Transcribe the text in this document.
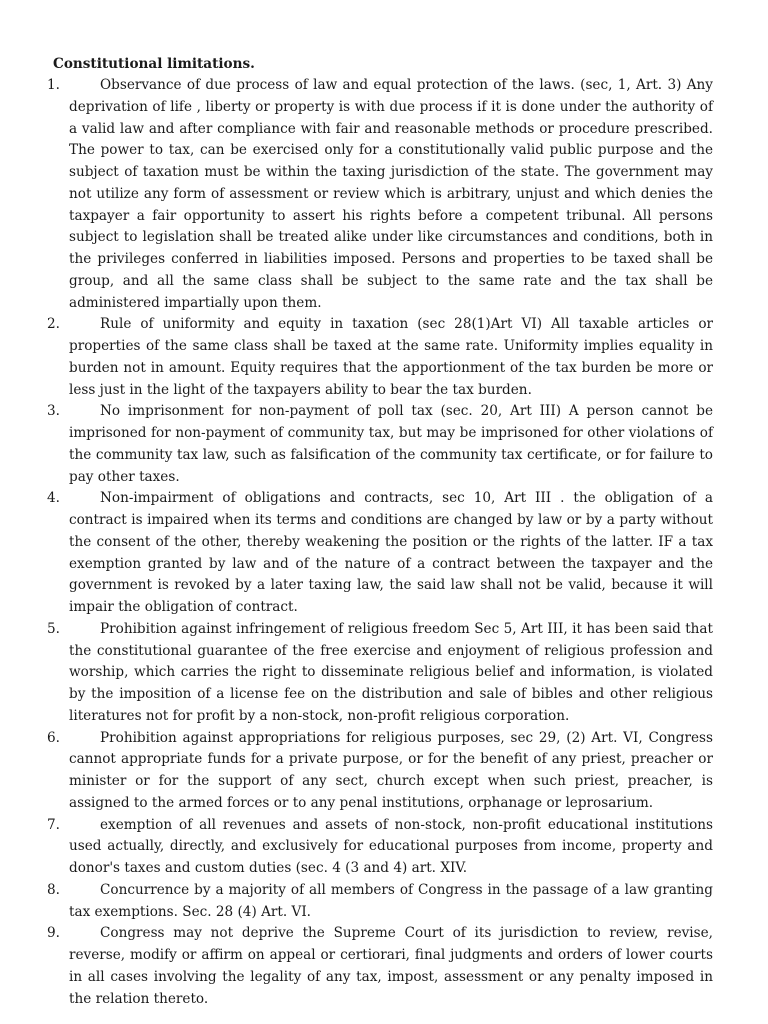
Constitutional limitations.

1.	Observance of due process of law and equal protection of the laws. (sec, 1, Art. 3) Any deprivation of life , liberty or property is with due process if it is done under the authority of a valid law and after compliance with fair and reasonable methods or procedure prescribed. The power to tax, can be exercised only for a constitutionally valid public purpose and the subject of taxation must be within the taxing jurisdiction of the state. The government may not utilize any form of assessment or review which is arbitrary, unjust and which denies the taxpayer a fair opportunity to assert his rights before a competent tribunal. All persons subject to legislation shall be treated alike under like circumstances and conditions, both in the privileges conferred in liabilities imposed. Persons and properties to be taxed shall be group, and all the same class shall be subject to the same rate and the tax shall be administered impartially upon them.

2.	Rule of uniformity and equity in taxation (sec 28(1)Art VI) All taxable articles or properties of the same class shall be taxed at the same rate. Uniformity implies equality in burden not in amount. Equity requires that the apportionment of the tax burden be more or less just in the light of the taxpayers ability to bear the tax burden.

3.	No imprisonment for non-payment of poll tax (sec. 20, Art III) A person cannot be imprisoned for non-payment of community tax, but may be imprisoned for other violations of the community tax law, such as falsification of the community tax certificate, or for failure to pay other taxes.

4.	Non-impairment of obligations and contracts, sec 10, Art III . the obligation of a contract is impaired when its terms and conditions are changed by law or by a party without the consent of the other, thereby weakening the position or the rights of the latter. IF a tax exemption granted by law and of the nature of a contract between the taxpayer and the government is revoked by a later taxing law, the said law shall not be valid, because it will impair the obligation of contract.

5.	Prohibition against infringement of religious freedom Sec 5, Art III, it has been said that the constitutional guarantee of the free exercise and enjoyment of religious profession and worship, which carries the right to disseminate religious belief and information, is violated by the imposition of a license fee on the distribution and sale of bibles and other religious literatures not for profit by a non-stock, non-profit religious corporation.

6.	Prohibition against appropriations for religious purposes, sec 29, (2) Art. VI, Congress cannot appropriate funds for a private purpose, or for the benefit of any priest, preacher or minister or for the support of any sect, church except when such priest, preacher, is assigned to the armed forces or to any penal institutions, orphanage or leprosarium.

7.	exemption of all revenues and assets of non-stock, non-profit educational institutions used actually, directly, and exclusively for educational purposes from income, property and donor's taxes and custom duties (sec. 4 (3 and 4) art. XIV.

8.	Concurrence by a majority of all members of Congress in the passage of a law granting tax exemptions. Sec. 28 (4) Art. VI.

9.	Congress may not deprive the Supreme Court of its jurisdiction to review, revise, reverse, modify or affirm on appeal or certiorari, final judgments and orders of lower courts in all cases involving the legality of any tax, impost, assessment or any penalty imposed in the relation thereto.
